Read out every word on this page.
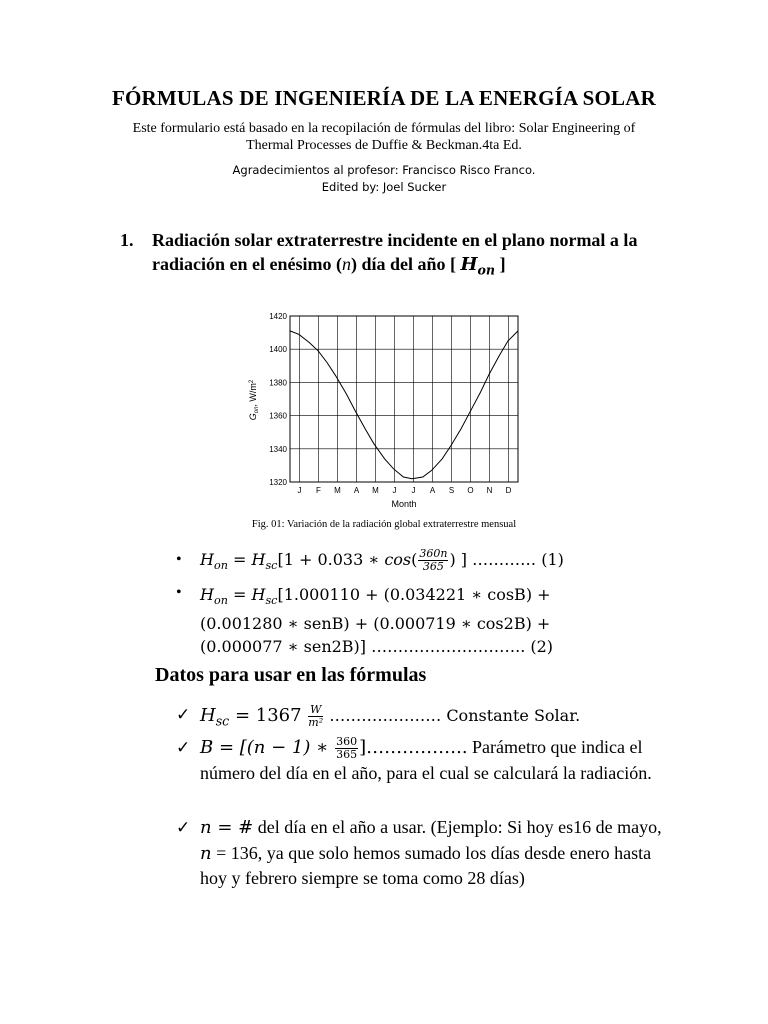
FÓRMULAS DE INGENIERÍA DE LA ENERGÍA SOLAR
Este formulario está basado en la recopilación de fórmulas del libro: Solar Engineering of
Thermal Processes de Duffie & Beckman.4ta Ed.
Agradecimientos al profesor: Francisco Risco Franco.
Edited by: Joel Sucker
1. Radiación solar extraterrestre incidente en el plano normal a la
radiación en el enésimo (n) día del año [ $H_{on}$ ]
1320
1340
1360
1380
1400
1420
J F M A M J J A S O N D
Month
$G_{on}$, $W/m^2$
Fig. 01: Variación de la radiación global extraterrestre mensual
• $H_{on} = H_{sc}[1 + 0.033$ ∗ $\cos( \frac{360n}{365}$ ) ] ………… (1)
• $H_{on} = H_{sc}[1.000110 + (0.034221$ ∗ cosB) +
(0.001280 ∗ senB) + (0.000719 ∗ cos2B) +
(0.000077 ∗ sen2B)] ……………………….. (2)
Datos para usar en las fórmulas
✓ $H_{sc} = 1367 \frac{W}{\text{m²}}$ ………………… Constante Solar.
✓ B = [(n − 1) ∗ $\frac{360}{365}$ ]…………….. Parámetro que indica el número del día en el año, para el cual se calculará la radiación.
✓ n = # del día en el año a usar. (Ejemplo: Si hoy es16 de mayo, n = 136, ya que solo hemos sumado los días desde enero hasta hoy y febrero siempre se toma como 28 días)
